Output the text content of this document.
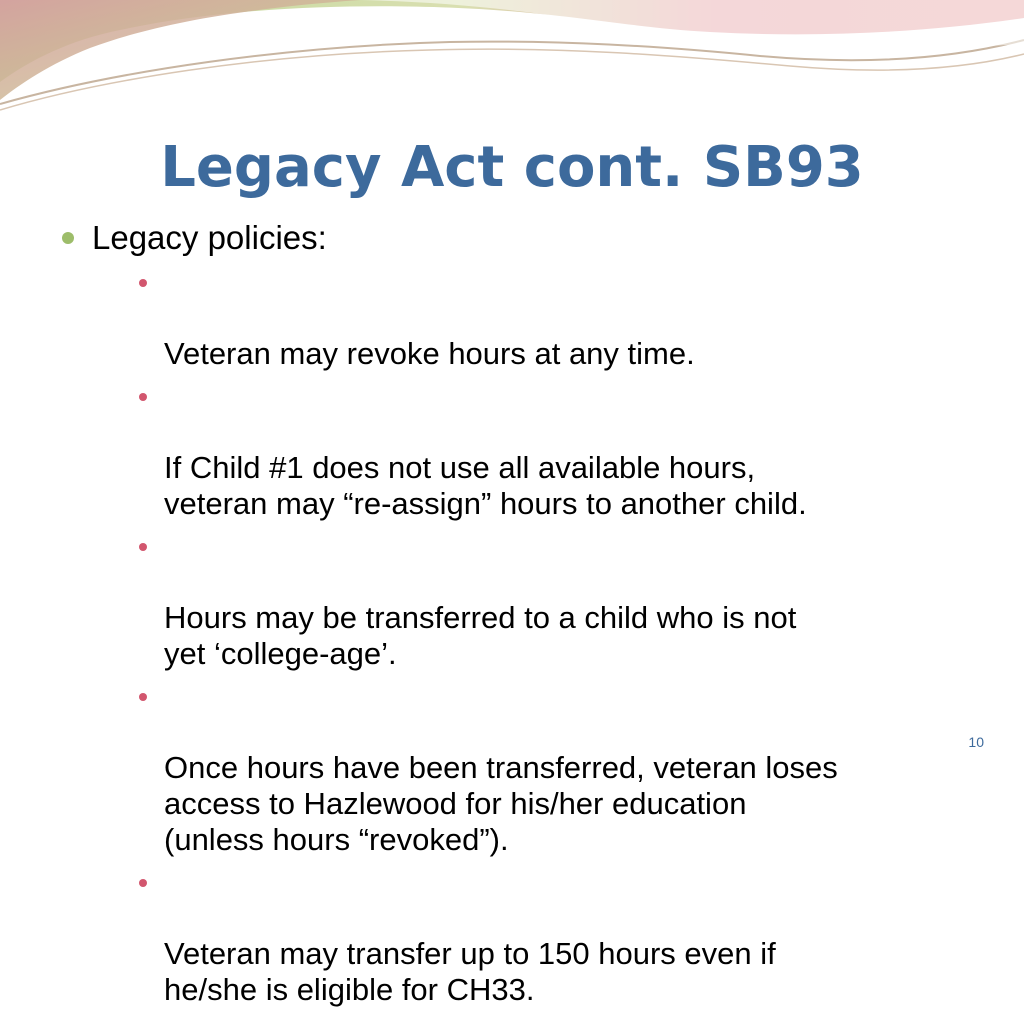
Legacy Act cont. SB93
Legacy policies:

Veteran may revoke hours at any time.

If Child #1 does not use all available hours,
veteran may “re-assign” hours to another child.

Hours may be transferred to a child who is not
yet ‘college-age’.

Once hours have been transferred, veteran loses
access to Hazlewood for his/her education
(unless hours “revoked”).

Veteran may transfer up to 150 hours even if
he/she is eligible for CH33.

10
